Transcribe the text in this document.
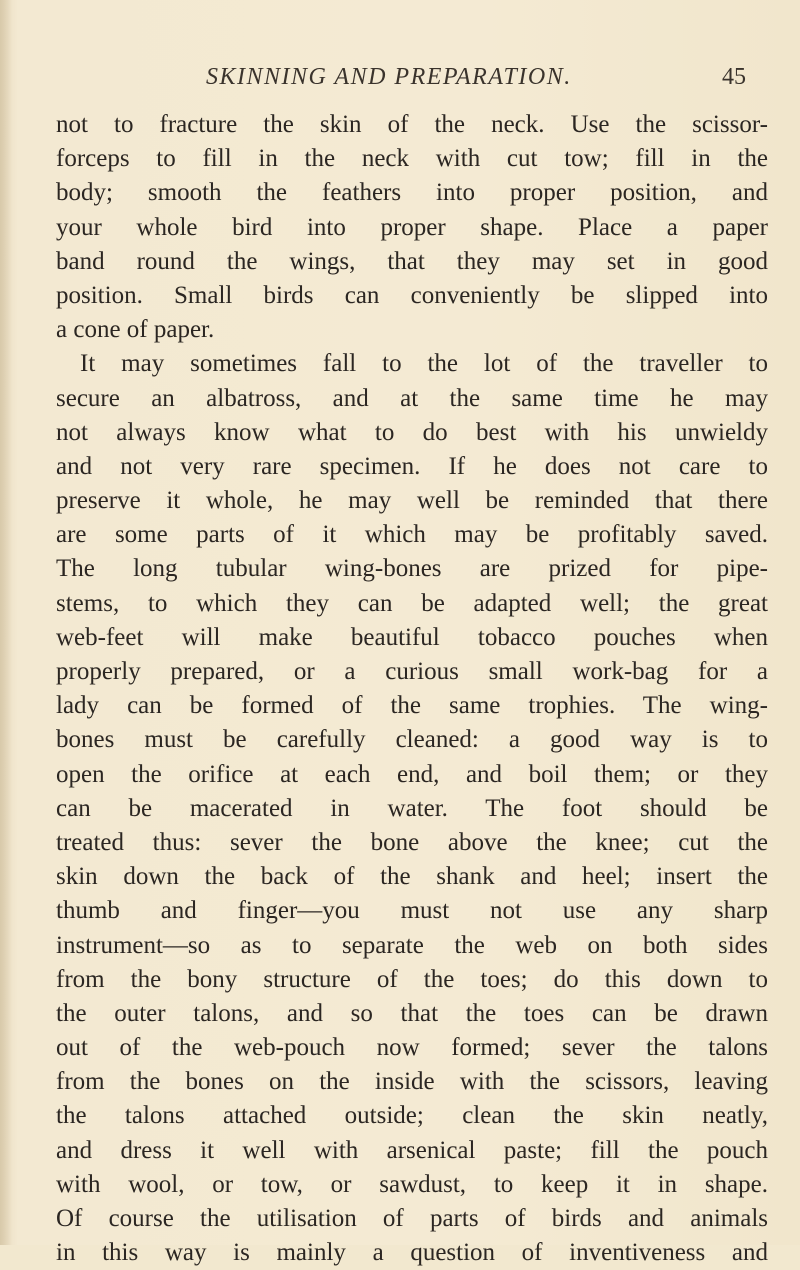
SKINNING AND PREPARATION.	45
not to fracture the skin of the neck. Use the scissor-
forceps to fill in the neck with cut tow; fill in the
body; smooth the feathers into proper position, and
your whole bird into proper shape. Place a paper
band round the wings, that they may set in good
position. Small birds can conveniently be slipped into
a cone of paper.
It may sometimes fall to the lot of the traveller to
secure an albatross, and at the same time he may
not always know what to do best with his unwieldy
and not very rare specimen. If he does not care to
preserve it whole, he may well be reminded that there
are some parts of it which may be profitably saved.
The long tubular wing-bones are prized for pipe-
stems, to which they can be adapted well; the great
web-feet will make beautiful tobacco pouches when
properly prepared, or a curious small work-bag for a
lady can be formed of the same trophies. The wing-
bones must be carefully cleaned: a good way is to
open the orifice at each end, and boil them; or they
can be macerated in water. The foot should be
treated thus: sever the bone above the knee; cut the
skin down the back of the shank and heel; insert the
thumb and finger—you must not use any sharp
instrument—so as to separate the web on both sides
from the bony structure of the toes; do this down to
the outer talons, and so that the toes can be drawn
out of the web-pouch now formed; sever the talons
from the bones on the inside with the scissors, leaving
the talons attached outside; clean the skin neatly,
and dress it well with arsenical paste; fill the pouch
with wool, or tow, or sawdust, to keep it in shape.
Of course the utilisation of parts of birds and animals
in this way is mainly a question of inventiveness and
